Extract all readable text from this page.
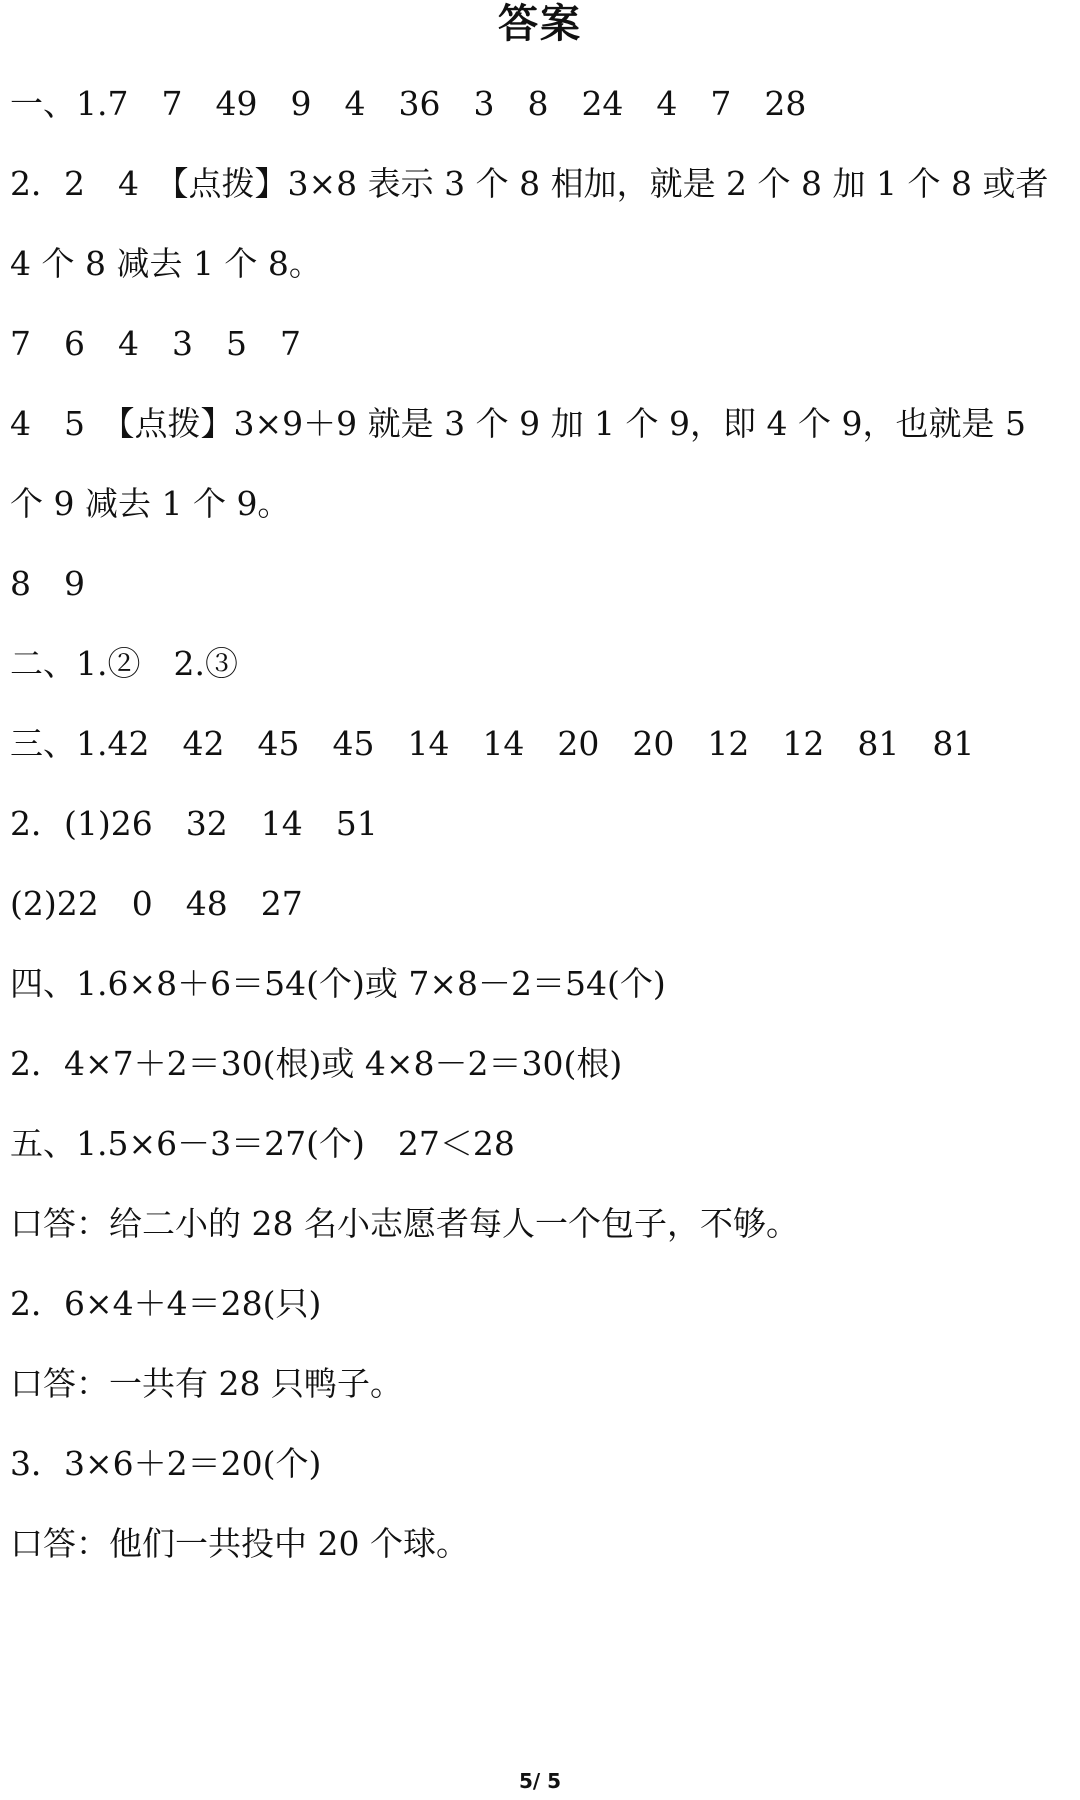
答案
一、1.7　7　49　9　4　36　3　8　24　4　7　28
2．2　4　【点拨】3×8 表示 3 个 8 相加，就是 2 个 8 加 1 个 8 或者
4 个 8 减去 1 个 8。
7　6　4　3　5　7
4　5　【点拨】3×9＋9 就是 3 个 9 加 1 个 9，即 4 个 9，也就是 5
个 9 减去 1 个 9。
8　9
二、1.②　2.③
三、1.42　42　45　45　14　14　20　20　12　12　81　81
2．(1)26　32　14　51
(2)22　0　48　27
四、1.6×8＋6＝54(个)或 7×8－2＝54(个)
2．4×7＋2＝30(根)或 4×8－2＝30(根)
五、1.5×6－3＝27(个)　27＜28
口答：给二小的 28 名小志愿者每人一个包子，不够。
2．6×4＋4＝28(只)
口答：一共有 28 只鸭子。
3．3×6＋2＝20(个)
口答：他们一共投中 20 个球。
5/ 5
